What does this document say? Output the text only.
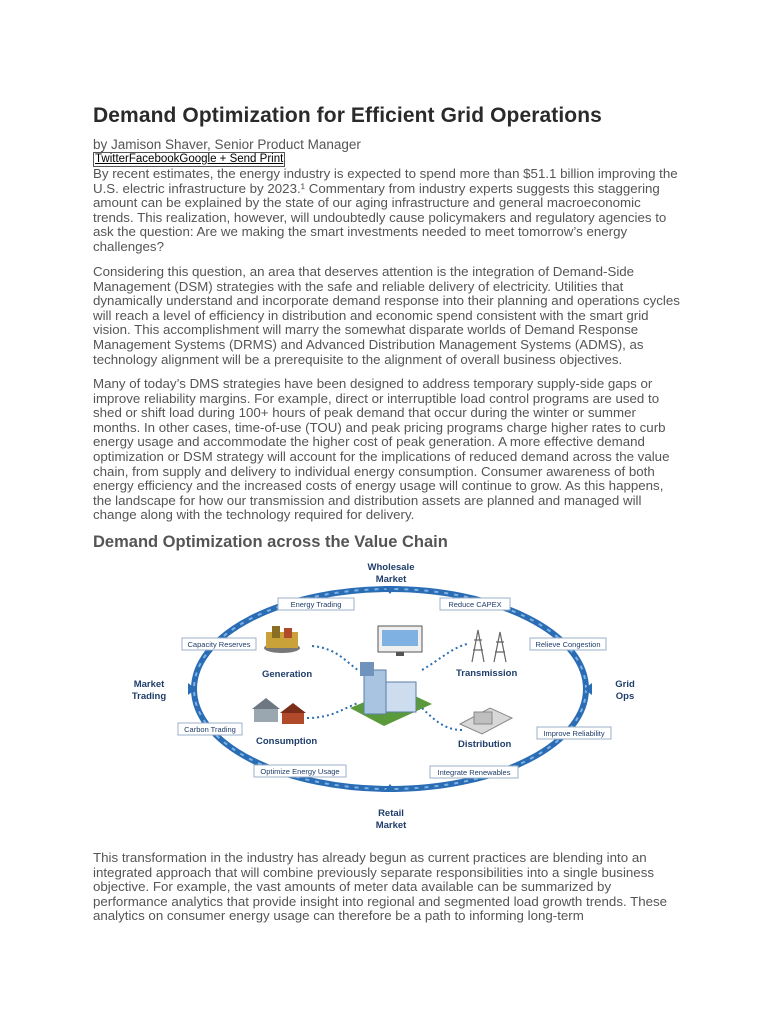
Demand Optimization for Efficient Grid Operations
by Jamison Shaver, Senior Product Manager
TwitterFacebookGoogle + Send Print

By recent estimates, the energy industry is expected to spend more than $51.1 billion improving the U.S. electric infrastructure by 2023.¹ Commentary from industry experts suggests this staggering amount can be explained by the state of our aging infrastructure and general macroeconomic trends. This realization, however, will undoubtedly cause policymakers and regulatory agencies to ask the question: Are we making the smart investments needed to meet tomorrow’s energy challenges?

Considering this question, an area that deserves attention is the integration of Demand-Side Management (DSM) strategies with the safe and reliable delivery of electricity. Utilities that dynamically understand and incorporate demand response into their planning and operations cycles will reach a level of efficiency in distribution and economic spend consistent with the smart grid vision. This accomplishment will marry the somewhat disparate worlds of Demand Response Management Systems (DRMS) and Advanced Distribution Management Systems (ADMS), as technology alignment will be a prerequisite to the alignment of overall business objectives.

Many of today’s DMS strategies have been designed to address temporary supply-side gaps or improve reliability margins. For example, direct or interruptible load control programs are used to shed or shift load during 100+ hours of peak demand that occur during the winter or summer months. In other cases, time-of-use (TOU) and peak pricing programs charge higher rates to curb energy usage and accommodate the higher cost of peak generation. A more effective demand optimization or DSM strategy will account for the implications of reduced demand across the value chain, from supply and delivery to individual energy consumption. Consumer awareness of both energy efficiency and the increased costs of energy usage will continue to grow. As this happens, the landscape for how our transmission and distribution assets are planned and managed will change along with the technology required for delivery.

Demand Optimization across the Value Chain

This transformation in the industry has already begun as current practices are blending into an integrated approach that will combine previously separate responsibilities into a single business objective. For example, the vast amounts of meter data available can be summarized by performance analytics that provide insight into regional and segmented load growth trends. These analytics on consumer energy usage can therefore be a path to informing long-term

Wholesale
Market
Market
Trading
Grid
Ops
Retail
Market
Energy Trading	Reduce CAPEX
Capacity Reserves	Relieve Congestion
Carbon Trading	Improve Reliability
Optimize Energy Usage	Integrate Renewables
Generation	Transmission
Consumption	Distribution
